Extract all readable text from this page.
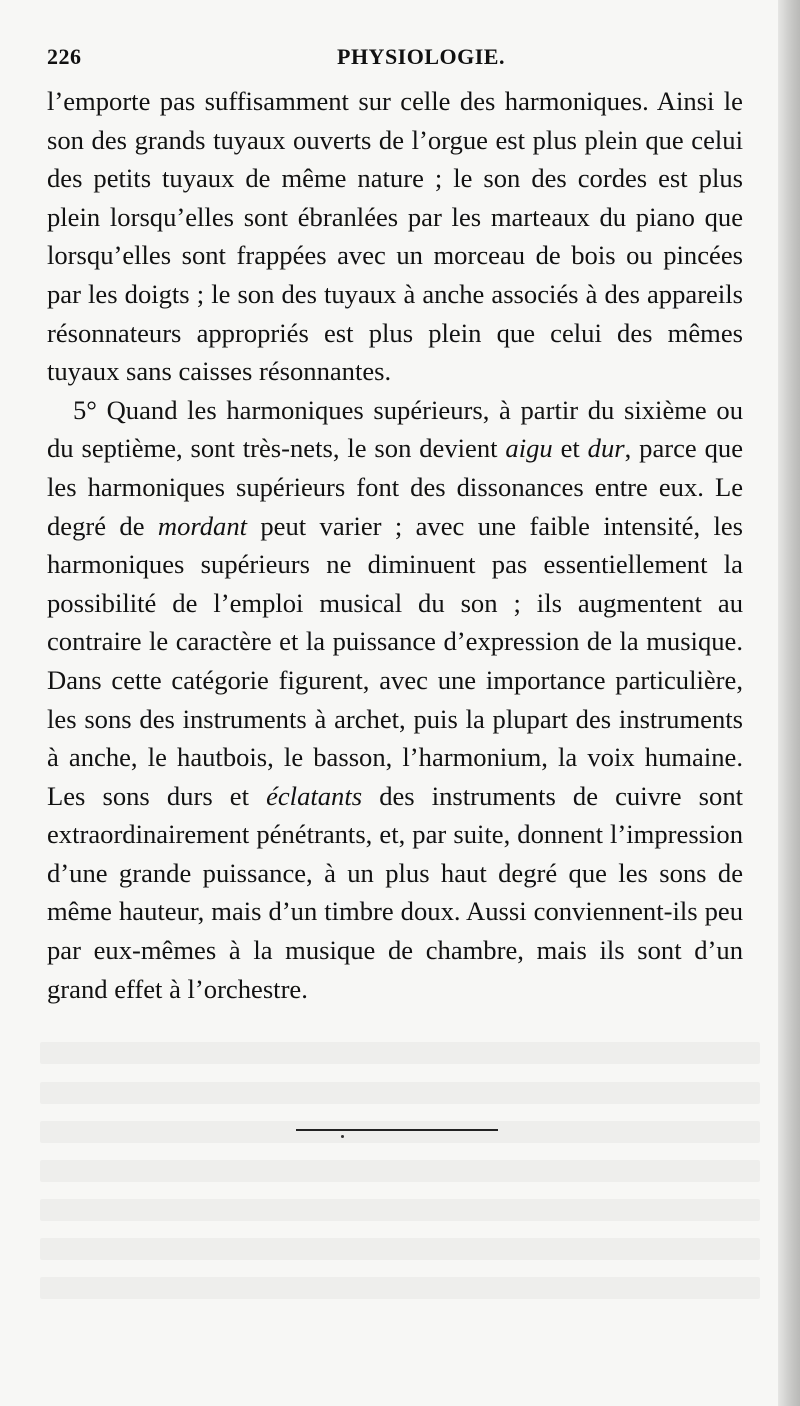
226	PHYSIOLOGIE.

l’emporte pas suffisamment sur celle des harmoniques. Ainsi le son des grands tuyaux ouverts de l’orgue est plus plein que celui des petits tuyaux de même nature ; le son des cordes est plus plein lorsqu’elles sont ébranlées par les marteaux du piano que lorsqu’elles sont frappées avec un morceau de bois ou pincées par les doigts ; le son des tuyaux à anche associés à des appareils résonnateurs appropriés est plus plein que celui des mêmes tuyaux sans caisses résonnantes.

5° Quand les harmoniques supérieurs, à partir du sixième ou du septième, sont très-nets, le son devient aigu et dur, parce que les harmoniques supérieurs font des dissonances entre eux. Le degré de mordant peut varier ; avec une faible intensité, les harmoniques supérieurs ne diminuent pas essentiellement la possibilité de l’emploi musical du son ; ils augmentent au contraire le caractère et la puissance d’expression de la musique. Dans cette catégorie figurent, avec une importance particulière, les sons des instruments à archet, puis la plupart des instruments à anche, le hautbois, le basson, l’harmonium, la voix humaine. Les sons durs et éclatants des instruments de cuivre sont extraordinairement pénétrants, et, par suite, donnent l’impression d’une grande puissance, à un plus haut degré que les sons de même hauteur, mais d’un timbre doux. Aussi conviennent-ils peu par eux-mêmes à la musique de chambre, mais ils sont d’un grand effet à l’orchestre.
